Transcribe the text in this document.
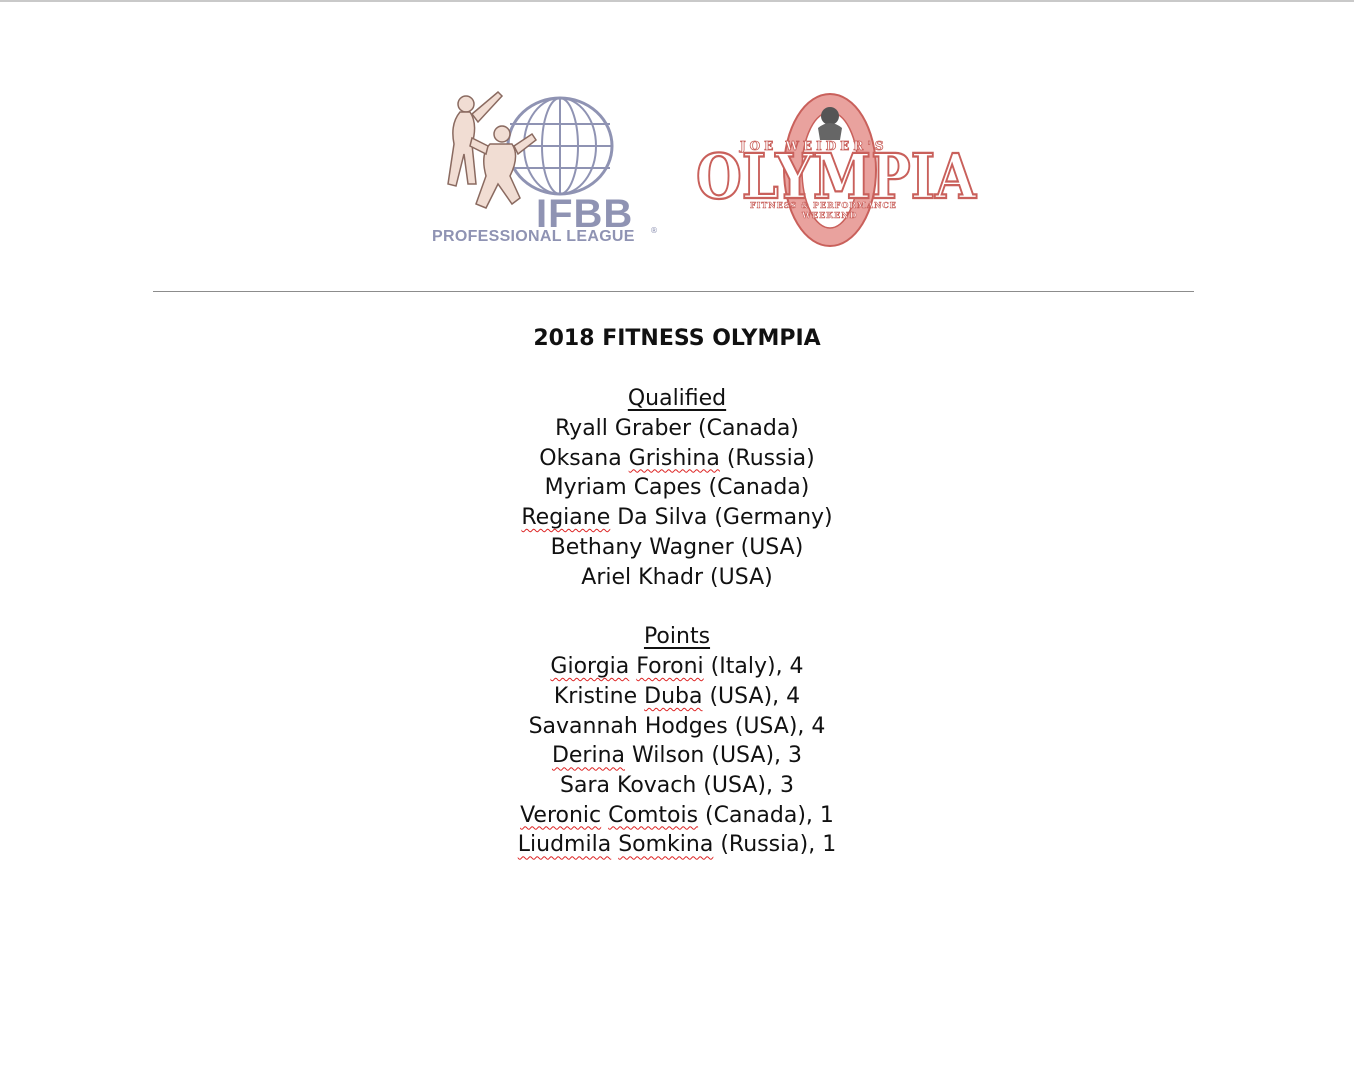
IFBB
PROFESSIONAL LEAGUE ®
OLYMPIA
JOE WEIDER'S
FITNESS & PERFORMANCE
WEEKEND
2018 FITNESS OLYMPIA
Qualified
Ryall Graber (Canada)
Oksana Grishina (Russia)
Myriam Capes (Canada)
Regiane Da Silva (Germany)
Bethany Wagner (USA)
Ariel Khadr (USA)
Points
Giorgia Foroni (Italy), 4
Kristine Duba (USA), 4
Savannah Hodges (USA), 4
Derina Wilson (USA), 3
Sara Kovach (USA), 3
Veronic Comtois (Canada), 1
Liudmila Somkina (Russia), 1
